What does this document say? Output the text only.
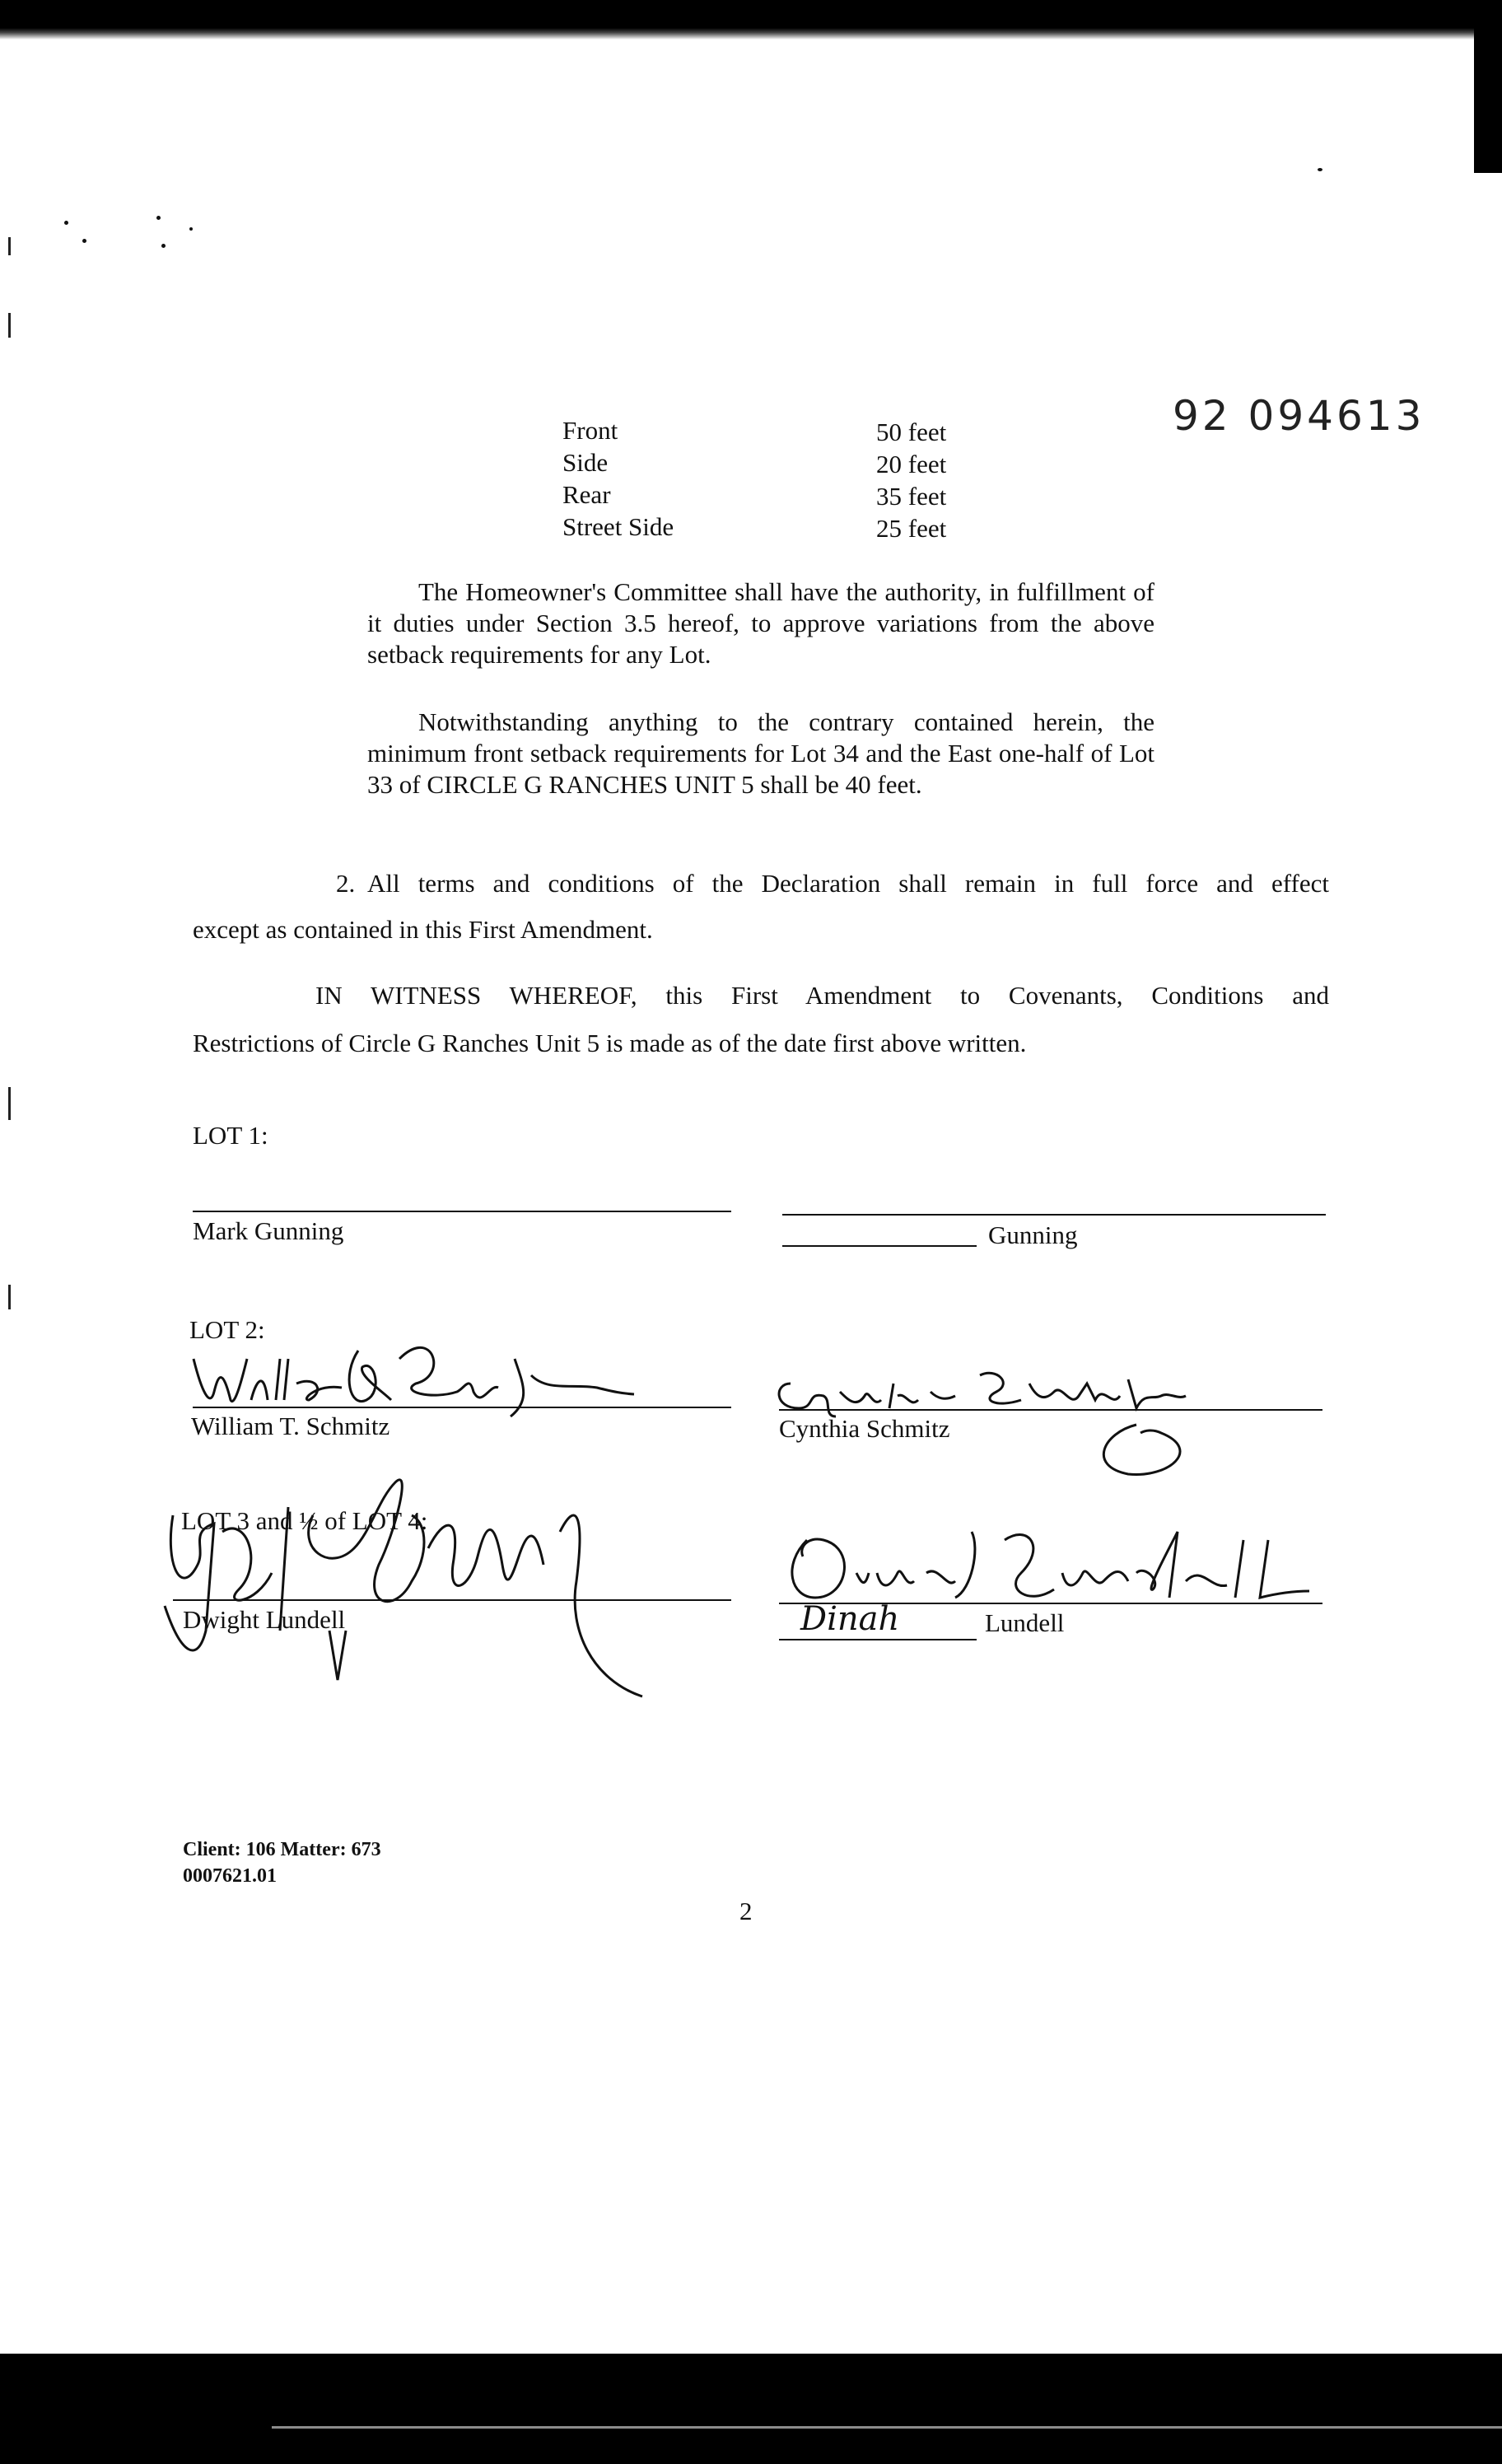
92 094613
Front	50 feet
Side	20 feet
Rear	35 feet
Street Side	25 feet
The Homeowner's Committee shall have the authority, in fulfillment of it duties under Section 3.5 hereof, to approve variations from the above setback requirements for any Lot.
Notwithstanding anything to the contrary contained herein, the minimum front setback requirements for Lot 34 and the East one-half of Lot 33 of CIRCLE G RANCHES UNIT 5 shall be 40 feet.
2. All terms and conditions of the Declaration shall remain in full force and effect
except as contained in this First Amendment.
IN WITNESS WHEREOF, this First Amendment to Covenants, Conditions and
Restrictions of Circle G Ranches Unit 5 is made as of the date first above written.
LOT 1:
Mark Gunning	Gunning
LOT 2:
William T. Schmitz	Cynthia Schmitz
LOT 3 and ½ of LOT 4:
Dwight Lundell	Dinah	Lundell
Client: 106 Matter: 673
0007621.01
2
